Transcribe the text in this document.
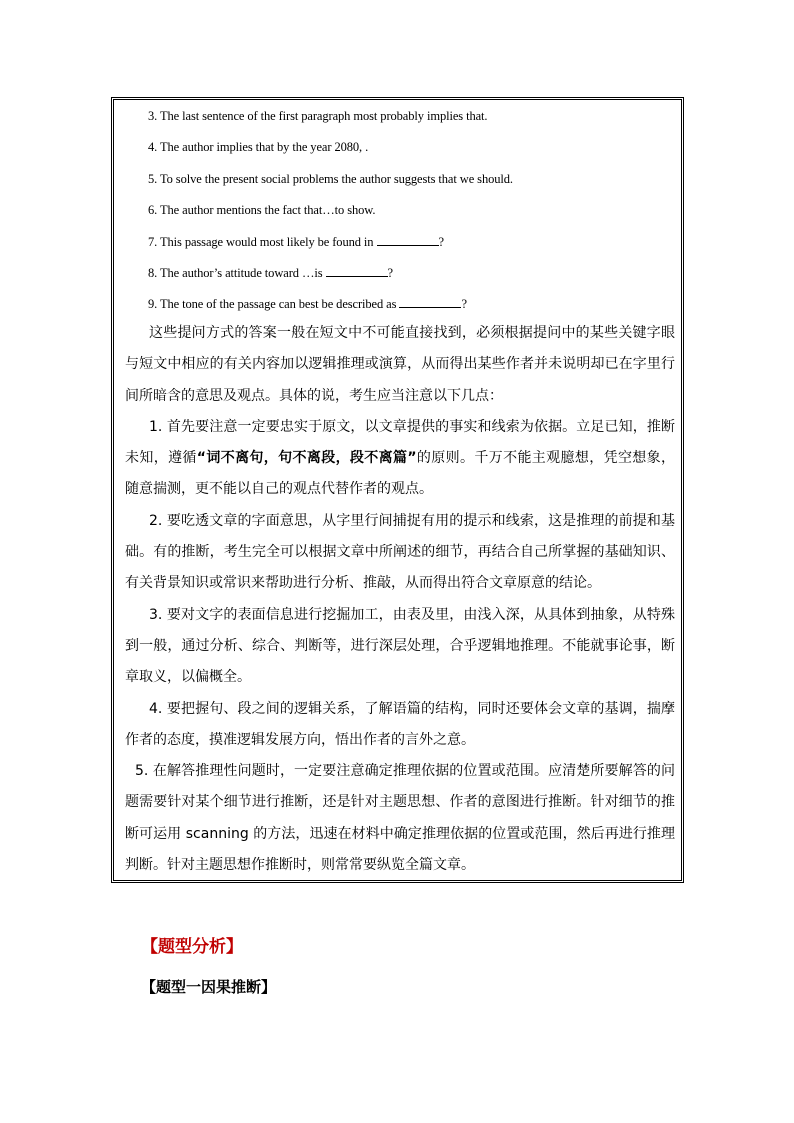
3. The last sentence of the first paragraph most probably implies that.
4. The author implies that by the year 2080, .
5. To solve the present social problems the author suggests that we should.
6. The author mentions the fact that…to show.
7. This passage would most likely be found in	?
8. The author’s attitude toward …is	?
9. The tone of the passage can best be described as	?

这些提问方式的答案一般在短文中不可能直接找到，必须根据提问中的某些关键字眼与短文中相应的有关内容加以逻辑推理或演算，从而得出某些作者并未说明却已在字里行间所暗含的意思及观点。具体的说，考生应当注意以下几点：

1. 首先要注意一定要忠实于原文，以文章提供的事实和线索为依据。立足已知，推断未知，遵循“词不离句，句不离段，段不离篇”的原则。千万不能主观臆想，凭空想象，随意揣测，更不能以自己的观点代替作者的观点。

2. 要吃透文章的字面意思，从字里行间捕捉有用的提示和线索，这是推理的前提和基础。有的推断，考生完全可以根据文章中所阐述的细节，再结合自己所掌握的基础知识、有关背景知识或常识来帮助进行分析、推敲，从而得出符合文章原意的结论。

3. 要对文字的表面信息进行挖掘加工，由表及里，由浅入深，从具体到抽象，从特殊到一般，通过分析、综合、判断等，进行深层处理，合乎逻辑地推理。不能就事论事，断章取义，以偏概全。

4. 要把握句、段之间的逻辑关系，了解语篇的结构，同时还要体会文章的基调，揣摩作者的态度，摸准逻辑发展方向，悟出作者的言外之意。

5. 在解答推理性问题时，一定要注意确定推理依据的位置或范围。应清楚所要解答的问题需要针对某个细节进行推断，还是针对主题思想、作者的意图进行推断。针对细节的推断可运用 scanning 的方法，迅速在材料中确定推理依据的位置或范围，然后再进行推理判断。针对主题思想作推断时，则常常要纵览全篇文章。

【题型分析】
【题型一因果推断】
